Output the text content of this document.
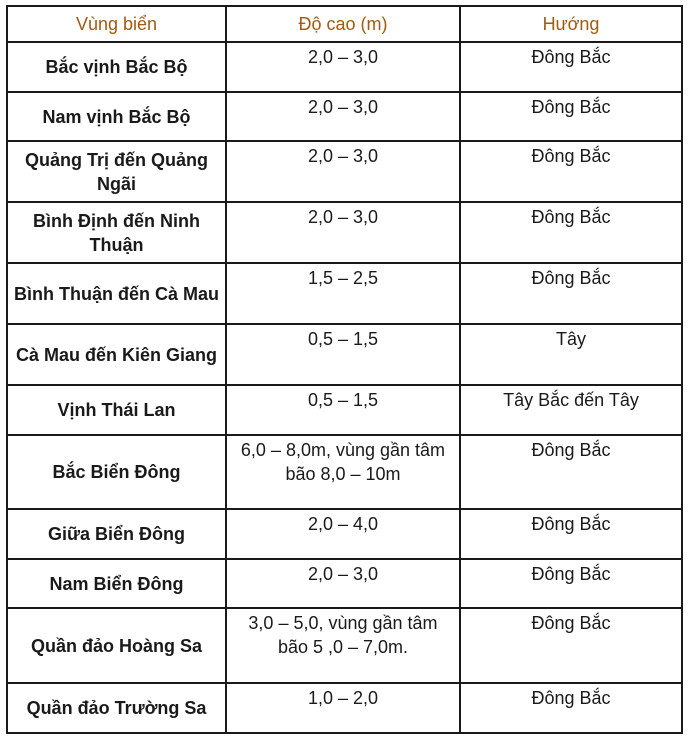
Vùng biển	Độ cao (m)	Hướng
Bắc vịnh Bắc Bộ	2,0 – 3,0	Đông Bắc
Nam vịnh Bắc Bộ	2,0 – 3,0	Đông Bắc
Quảng Trị đến Quảng Ngãi	2,0 – 3,0	Đông Bắc
Bình Định đến Ninh Thuận	2,0 – 3,0	Đông Bắc
Bình Thuận đến Cà Mau	1,5 – 2,5	Đông Bắc
Cà Mau đến Kiên Giang	0,5 – 1,5	Tây
Vịnh Thái Lan	0,5 – 1,5	Tây Bắc đến Tây
Bắc Biển Đông	6,0 – 8,0m, vùng gần tâm bão 8,0 – 10m	Đông Bắc
Giữa Biển Đông	2,0 – 4,0	Đông Bắc
Nam Biển Đông	2,0 – 3,0	Đông Bắc
Quần đảo Hoàng Sa	3,0 – 5,0, vùng gần tâm bão 5 ,0 – 7,0m.	Đông Bắc
Quần đảo Trường Sa	1,0 – 2,0	Đông Bắc
